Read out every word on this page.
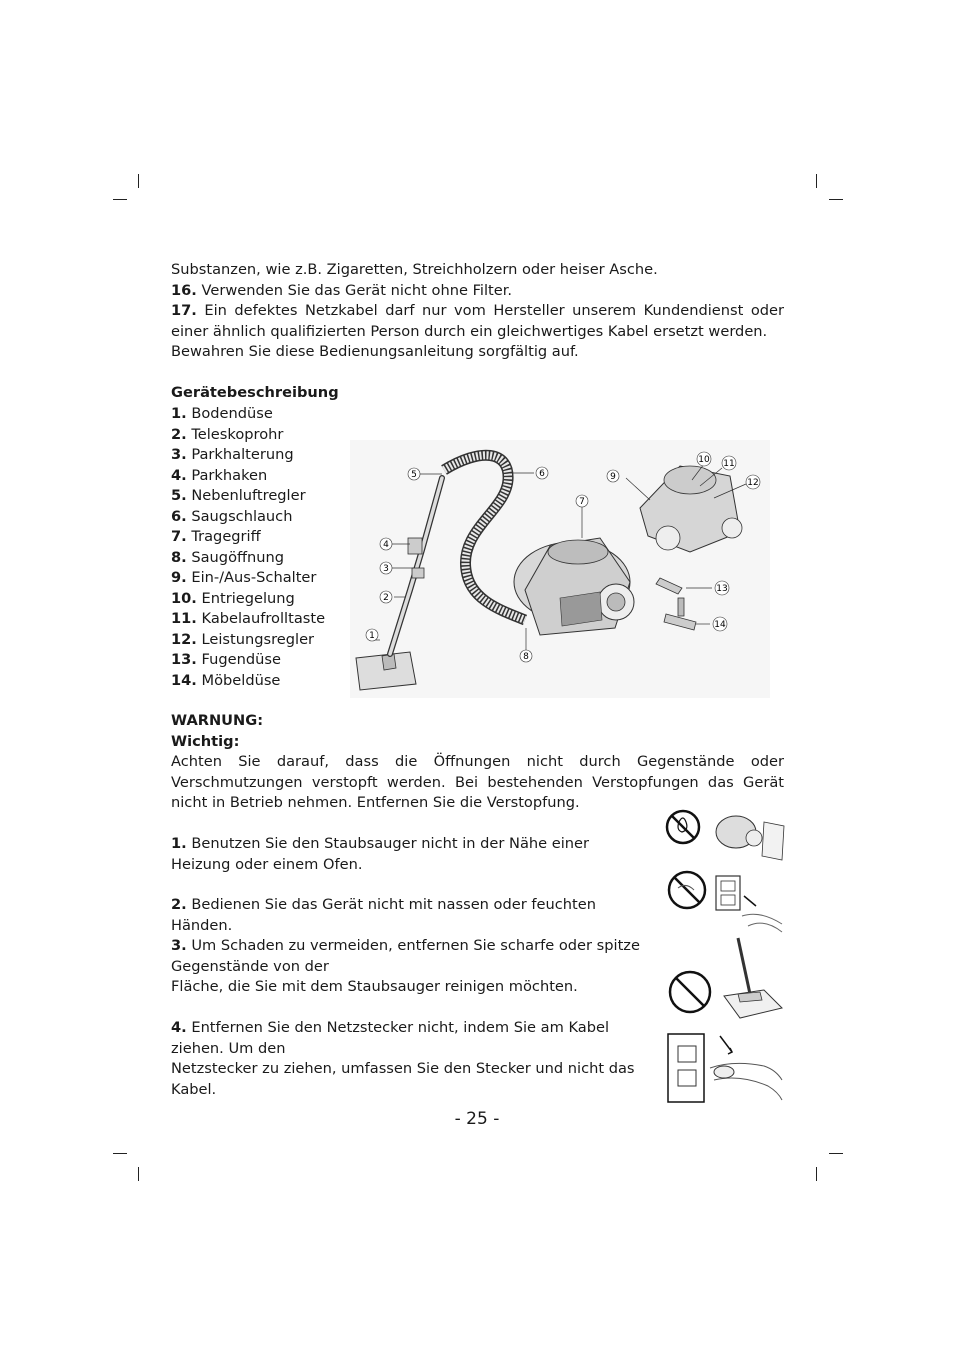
Substanzen, wie z.B. Zigaretten, Streichholzern oder heiser Asche.
16. Verwenden Sie das Gerät nicht ohne Filter.
17. Ein defektes Netzkabel darf nur vom Hersteller unserem Kundendienst oder einer ähnlich qualifizierten Person durch ein gleichwertiges Kabel ersetzt werden.
Bewahren Sie diese Bedienungsanleitung sorgfältig auf.
Gerätebeschreibung
1. Bodendüse
2. Teleskoprohr
3. Parkhalterung
4. Parkhaken
5. Nebenluftregler
6. Saugschlauch
7. Tragegriff
8. Saugöffnung
9. Ein-/Aus-Schalter
10. Entriegelung
11. Kabelaufrolltaste
12. Leistungsregler
13. Fugendüse
14. Möbeldüse
1
2
3
4
5	6
7
8
9
10 11
12
13
14
WARNUNG:
Wichtig:
Achten Sie darauf, dass die Öffnungen nicht durch Gegenstände oder Verschmutzungen verstopft werden. Bei bestehenden Verstopfungen das Gerät nicht in Betrieb nehmen. Entfernen Sie die Verstopfung.
1. Benutzen Sie den Staubsauger nicht in der Nähe einer Heizung oder einem Ofen.
2. Bedienen Sie das Gerät nicht mit nassen oder feuchten Händen.
3. Um Schaden zu vermeiden, entfernen Sie scharfe oder spitze Gegenstände von der
Fläche, die Sie mit dem Staubsauger reinigen möchten.
4. Entfernen Sie den Netzstecker nicht, indem Sie am Kabel ziehen. Um den
Netzstecker zu ziehen, umfassen Sie den Stecker und nicht das Kabel.
- 25 -
